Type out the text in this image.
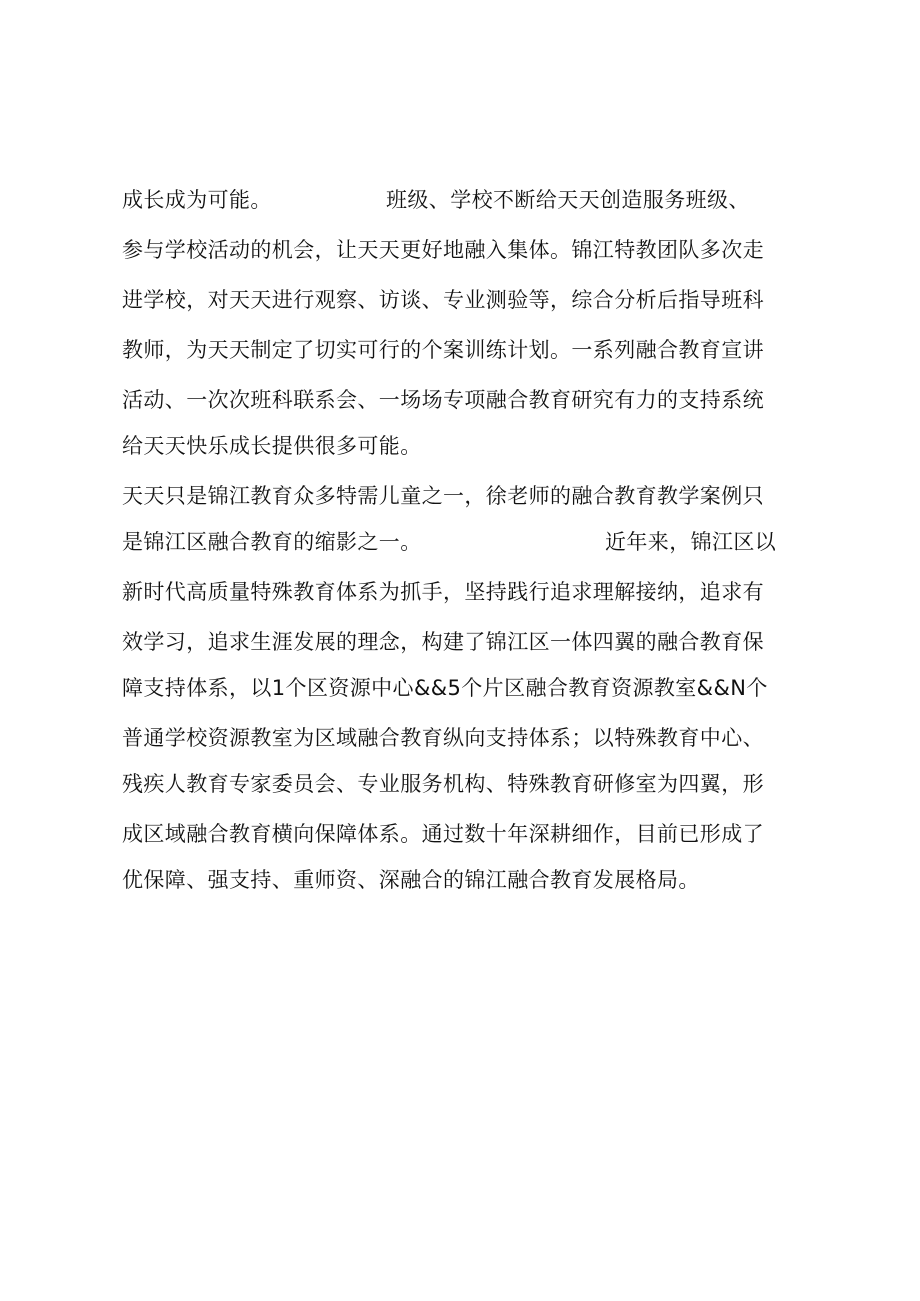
成长成为可能。	班级、学校不断给天天创造服务班级、
参与学校活动的机会，让天天更好地融入集体。锦江特教团队多次走
进学校，对天天进行观察、访谈、专业测验等，综合分析后指导班科
教师，为天天制定了切实可行的个案训练计划。一系列融合教育宣讲
活动、一次次班科联系会、一场场专项融合教育研究有力的支持系统
给天天快乐成长提供很多可能。
天天只是锦江教育众多特需儿童之一，徐老师的融合教育教学案例只
是锦江区融合教育的缩影之一。	近年来，锦江区以
新时代高质量特殊教育体系为抓手，坚持践行追求理解接纳，追求有
效学习，追求生涯发展的理念，构建了锦江区一体四翼的融合教育保
障支持体系，以1个区资源中心&&5个片区融合教育资源教室&&N个
普通学校资源教室为区域融合教育纵向支持体系；以特殊教育中心、
残疾人教育专家委员会、专业服务机构、特殊教育研修室为四翼，形
成区域融合教育横向保障体系。通过数十年深耕细作，目前已形成了
优保障、强支持、重师资、深融合的锦江融合教育发展格局。
